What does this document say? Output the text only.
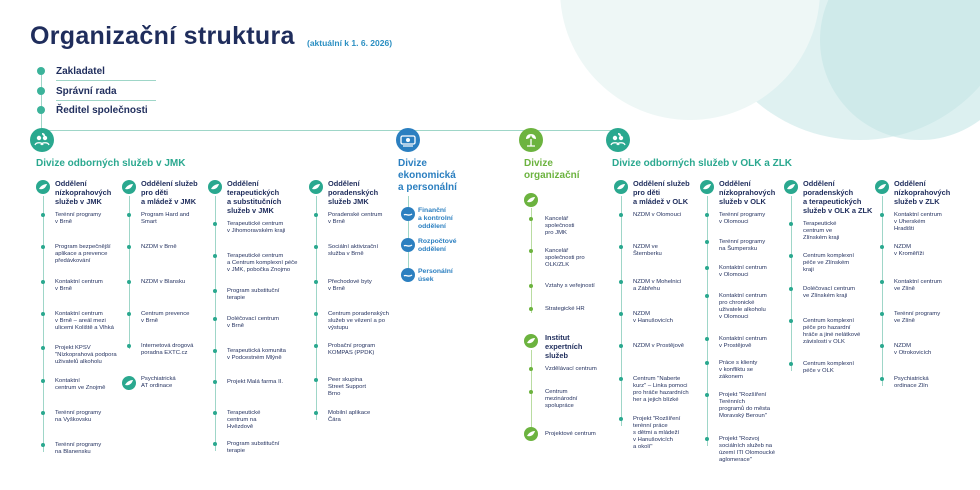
Organizační struktura (aktuální k 1. 6. 2026)
Zakladatel
Správní rada
Ředitel společnosti
Divize odborných služeb v JMK	Divize
ekonomická
a personální
Divize
organizační
Divize odborných služeb v OLK a ZLK
Oddělení
nízkoprahových
služeb v JMK
Terénní programy
v Brně
Program bezpečnější
aplikace a prevence
předávkování
Kontaktní centrum
v Brně
Kontaktní centrum
v Brně – areál mezi
ulicemi Koliště a Vlhká
Projekt KPSV
"Nízkoprahová podpora
uživatelů alkoholu
Kontaktní
centrum ve Znojmě
Terénní programy
na Vyškovsku
Terénní programy
na Blanensku
Oddělení služeb
pro děti
a mládež v JMK
Program Hard and
Smart
NZDM v Brně
NZDM v Blansku
Centrum prevence
v Brně
Internetová drogová
poradna EXTC.cz
Oddělení
terapeutických
a substitučních
služeb v JMK
Terapeutické centrum
v Jihomoravském kraji
Terapeutické centrum
a Centrum komplexní péče
v JMK, pobočka Znojmo
Program substituční
terapie
Doléčovací centrum
v Brně
Terapeutická komunita
v Podcestném Mlýně
Projekt Malá farma II.
Terapeutické
centrum na
Hvězdově
Program substituční
terapie
Oddělení
poradenských
služeb JMK
Poradenské centrum
v Brně
Sociální aktivizační
služba v Brně
Přechodové byty
v Brně
Centrum poradenských
služeb ve vězení a po
výstupu
Probační program
KOMPAS (PPDK)
Peer skupina
Street Support
Brno
Mobilní aplikace
Čára
Oddělení služeb
pro děti
a mládež v OLK
NZDM v Olomouci
NZDM ve
Šternberku
NZDM v Mohelnici
a Zábřehu
NZDM
v Hanušovicích
NZDM v Prostějově
Centrum "Naberte
kurz" – Linka pomoci
pro hráče hazardních
her a jejich blízké
Projekt "Rozšíření
terénní práce
s dětmi a mládeží
v Hanušovicích
a okolí"
Oddělení
nízkoprahových
služeb v OLK
Terénní programy
v Olomouci
Terénní programy
na Šumpersku
Kontaktní centrum
v Olomouci
Kontaktní centrum
pro chronické
uživatele alkoholu
v Olomouci
Kontaktní centrum
v Prostějově
Práce s klienty
v konfliktu se
zákonem
Projekt "Rozšíření
Terénních
programů do města
Moravský Beroun"
Projekt "Rozvoj
sociálních služeb na
území ITI Olomoucké
aglomerace"
Oddělení
poradenských
a terapeutických
služeb v OLK a ZLK
Terapeutické
centrum ve
Zlínském kraji
Centrum komplexní
péče ve Zlínském
kraji
Doléčovací centrum
ve Zlínském kraji
Centrum komplexní
péče pro hazardní
hráče a jiné nelátkové
závislosti v OLK
Centrum komplexní
péče v OLK
Oddělení
nízkoprahových
služeb v ZLK
Kontaktní centrum
v Uherském
Hradišti
NZDM
v Kroměříži
Kontaktní centrum
ve Zlíně
Terénní programy
ve Zlíně
NZDM
v Otrokovicích
Psychiatrická
ordinace Zlín
Psychiatrická
AT ordinace
Finanční
a kontrolní
oddělení
Rozpočtové
oddělení
Personální
úsek
Kancelář
společnosti
pro JMK
Kancelář
společnosti pro
OLK/ZLK
Vztahy s veřejností
Strategické HR
Institut
expertních
služeb
Vzdělávací centrum
Centrum
mezinárodní
spolupráce
Projektové centrum
